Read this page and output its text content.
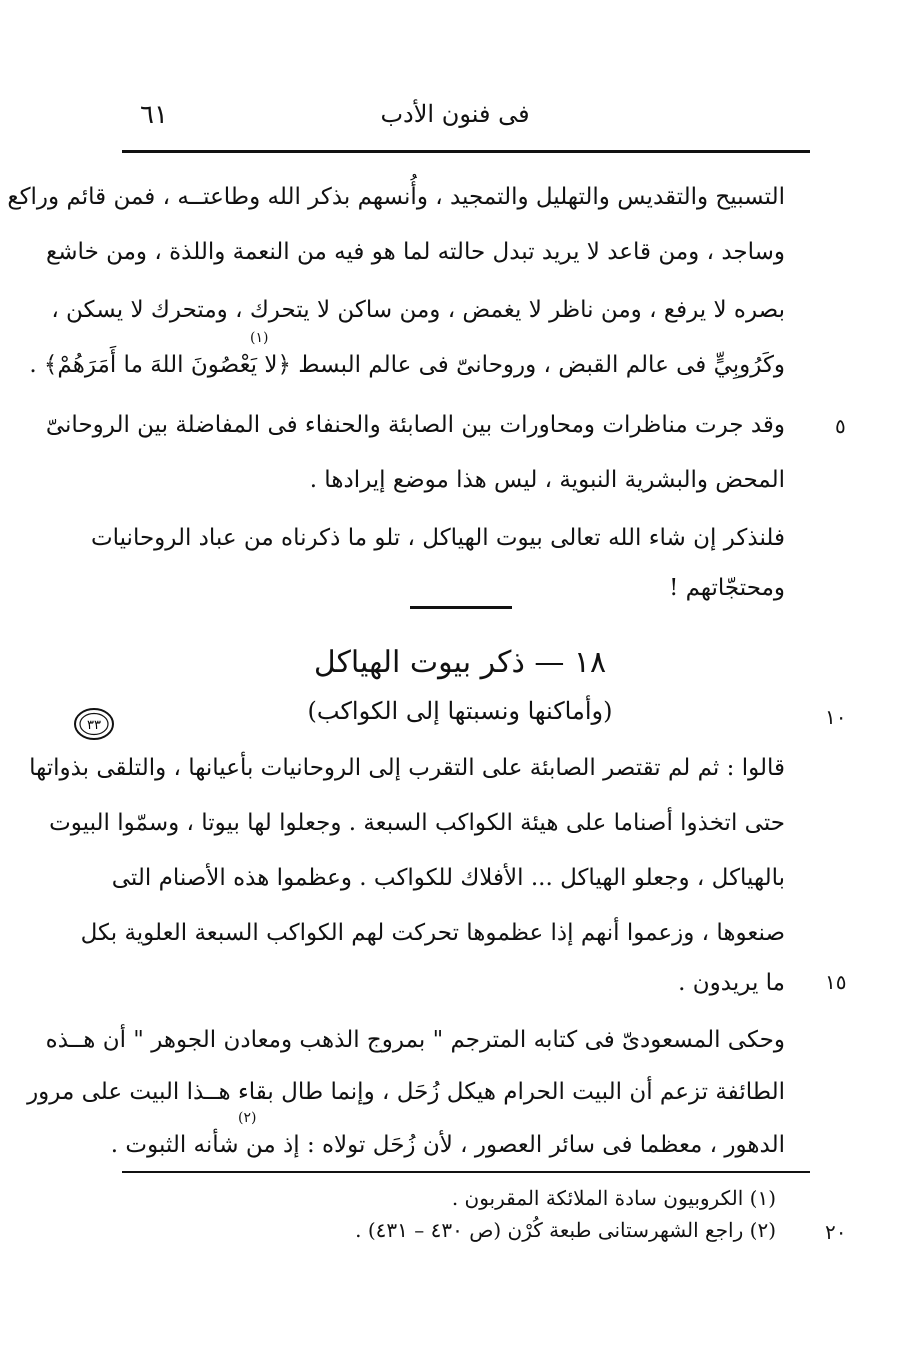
٦١	فى فنون الأدب
التسبيح والتقديس والتهليل والتمجيد ، وأُنسهم بذكر الله وطاعتــه ، فمن قائم وراكع
وساجد ، ومن قاعد لا يريد تبدل حالته لما هو فيه من النعمة واللذة ، ومن خاشع
بصره لا يرفع ، ومن ناظر لا يغمض ، ومن ساكن لا يتحرك ، ومتحرك لا يسكن ،
وكَرُوبِيٍّ فى عالم القبض ، وروحانىّ فى عالم البسط ﴿لا يَعْصُونَ اللهَ ما أَمَرَهُمْ﴾ .
(١)
وقد جرت مناظرات ومحاورات بين الصابئة والحنفاء فى المفاضلة بين الروحانىّ
المحض والبشرية النبوية ، ليس هذا موضع إيرادها .
٥
فلنذكر إن شاء الله تعالى بيوت الهياكل ، تلو ما ذكرناه من عباد الروحانيات
ومحتجّاتهم !
١٨ — ذكر بيوت الهياكل
(وأماكنها ونسبتها إلى الكواكب)	١٠
٣٣
قالوا : ثم لم تقتصر الصابئة على التقرب إلى الروحانيات بأعيانها ، والتلقى بذواتها
حتى اتخذوا أصناما على هيئة الكواكب السبعة . وجعلوا لها بيوتا ، وسمّوا البيوت
بالهياكل ، وجعلو الهياكل ... الأفلاك للكواكب . وعظموا هذه الأصنام التى
صنعوها ، وزعموا أنهم إذا عظموها تحركت لهم الكواكب السبعة العلوية بكل
ما يريدون . ١٥
وحكى المسعودىّ فى كتابه المترجم " بمروج الذهب ومعادن الجوهر " أن هــذه
الطائفة تزعم أن البيت الحرام هيكل زُحَل ، وإنما طال بقاء هــذا البيت على مرور
الدهور ، معظما فى سائر العصور ، لأن زُحَل تولاه : إذ من شأنه الثبوت .
(٢)
(١) الكروبيون سادة الملائكة المقربون .
(٢) راجع الشهرستانى طبعة كُرْن (ص ٤٣٠ – ٤٣١) . ٢٠
